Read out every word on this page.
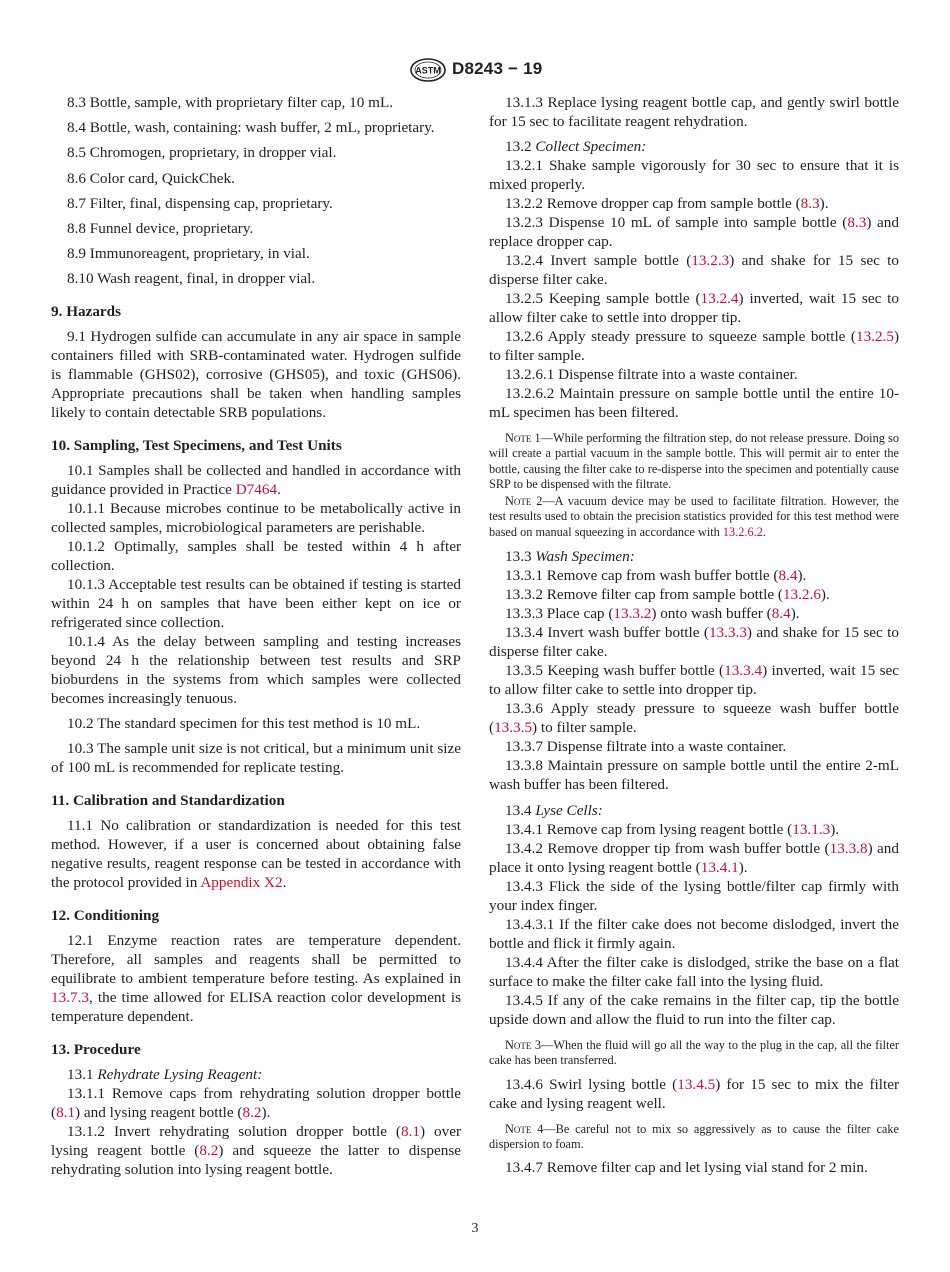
ASTM D8243 − 19
8.3 Bottle, sample, with proprietary filter cap, 10 mL.
8.4 Bottle, wash, containing: wash buffer, 2 mL, proprietary.
8.5 Chromogen, proprietary, in dropper vial.
8.6 Color card, QuickChek.
8.7 Filter, final, dispensing cap, proprietary.
8.8 Funnel device, proprietary.
8.9 Immunoreagent, proprietary, in vial.
8.10 Wash reagent, final, in dropper vial.
9. Hazards

9.1 Hydrogen sulfide can accumulate in any air space in sample containers filled with SRB-contaminated water. Hydrogen sulfide is flammable (GHS02), corrosive (GHS05), and toxic (GHS06). Appropriate precautions shall be taken when handling samples likely to contain detectable SRB populations.

10. Sampling, Test Specimens, and Test Units

10.1 Samples shall be collected and handled in accordance with guidance provided in Practice D7464.

10.1.1 Because microbes continue to be metabolically active in collected samples, microbiological parameters are perishable.

10.1.2 Optimally, samples shall be tested within 4 h after collection.

10.1.3 Acceptable test results can be obtained if testing is started within 24 h on samples that have been either kept on ice or refrigerated since collection.

10.1.4 As the delay between sampling and testing increases beyond 24 h the relationship between test results and SRP bioburdens in the systems from which samples were collected becomes increasingly tenuous.

10.2 The standard specimen for this test method is 10 mL.

10.3 The sample unit size is not critical, but a minimum unit size of 100 mL is recommended for replicate testing.

11. Calibration and Standardization

11.1 No calibration or standardization is needed for this test method. However, if a user is concerned about obtaining false negative results, reagent response can be tested in accordance with the protocol provided in Appendix X2.

12. Conditioning

12.1 Enzyme reaction rates are temperature dependent. Therefore, all samples and reagents shall be permitted to equilibrate to ambient temperature before testing. As explained in 13.7.3, the time allowed for ELISA reaction color development is temperature dependent.

13. Procedure

13.1 Rehydrate Lysing Reagent:

13.1.1 Remove caps from rehydrating solution dropper bottle (8.1) and lysing reagent bottle (8.2).

13.1.2 Invert rehydrating solution dropper bottle (8.1) over lysing reagent bottle (8.2) and squeeze the latter to dispense rehydrating solution into lysing reagent bottle.

13.1.3 Replace lysing reagent bottle cap, and gently swirl bottle for 15 sec to facilitate reagent rehydration.

13.2 Collect Specimen:

13.2.1 Shake sample vigorously for 30 sec to ensure that it is mixed properly.

13.2.2 Remove dropper cap from sample bottle (8.3).

13.2.3 Dispense 10 mL of sample into sample bottle (8.3) and replace dropper cap.

13.2.4 Invert sample bottle (13.2.3) and shake for 15 sec to disperse filter cake.

13.2.5 Keeping sample bottle (13.2.4) inverted, wait 15 sec to allow filter cake to settle into dropper tip.

13.2.6 Apply steady pressure to squeeze sample bottle (13.2.5) to filter sample.

13.2.6.1 Dispense filtrate into a waste container.

13.2.6.2 Maintain pressure on sample bottle until the entire 10-mL specimen has been filtered.

Note 1—While performing the filtration step, do not release pressure. Doing so will create a partial vacuum in the sample bottle. This will permit air to enter the bottle, causing the filter cake to re-disperse into the specimen and potentially cause SRP to be dispensed with the filtrate.

Note 2—A vacuum device may be used to facilitate filtration. However, the test results used to obtain the precision statistics provided for this test method were based on manual squeezing in accordance with 13.2.6.2.

13.3 Wash Specimen:

13.3.1 Remove cap from wash buffer bottle (8.4).

13.3.2 Remove filter cap from sample bottle (13.2.6).

13.3.3 Place cap (13.3.2) onto wash buffer (8.4).

13.3.4 Invert wash buffer bottle (13.3.3) and shake for 15 sec to disperse filter cake.

13.3.5 Keeping wash buffer bottle (13.3.4) inverted, wait 15 sec to allow filter cake to settle into dropper tip.

13.3.6 Apply steady pressure to squeeze wash buffer bottle (13.3.5) to filter sample.

13.3.7 Dispense filtrate into a waste container.

13.3.8 Maintain pressure on sample bottle until the entire 2-mL wash buffer has been filtered.

13.4 Lyse Cells:

13.4.1 Remove cap from lysing reagent bottle (13.1.3).

13.4.2 Remove dropper tip from wash buffer bottle (13.3.8) and place it onto lysing reagent bottle (13.4.1).

13.4.3 Flick the side of the lysing bottle/filter cap firmly with your index finger.

13.4.3.1 If the filter cake does not become dislodged, invert the bottle and flick it firmly again.

13.4.4 After the filter cake is dislodged, strike the base on a flat surface to make the filter cake fall into the lysing fluid.

13.4.5 If any of the cake remains in the filter cap, tip the bottle upside down and allow the fluid to run into the filter cap.

Note 3—When the fluid will go all the way to the plug in the cap, all the filter cake has been transferred.

13.4.6 Swirl lysing bottle (13.4.5) for 15 sec to mix the filter cake and lysing reagent well.

Note 4—Be careful not to mix so aggressively as to cause the filter cake dispersion to foam.

13.4.7 Remove filter cap and let lysing vial stand for 2 min.

3
